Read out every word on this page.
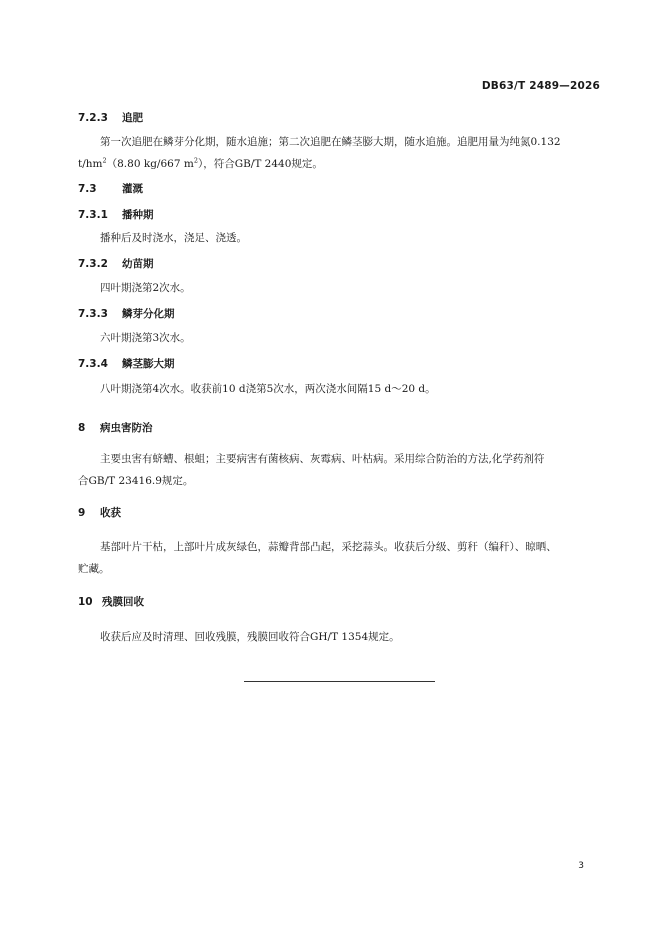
DB63/T 2489—2026
7.2.3 追肥
第一次追肥在鳞芽分化期，随水追施；第二次追肥在鳞茎膨大期，随水追施。追肥用量为纯氮0.132
$t/hm^2(8.80$ kg/667 $m^2$），符合GB/T 2440规定。
7.3 灌溉
7.3.1 播种期
播种后及时浇水，浇足、浇透。
7.3.2 幼苗期
四叶期浇第2次水。
7.3.3 鳞芽分化期
六叶期浇第3次水。
7.3.4 鳞茎膨大期
八叶期浇第4次水。收获前10 d浇第5次水，两次浇水间隔15 d～20 d。
8 病虫害防治
主要虫害有蛴螬、根蛆；主要病害有菌核病、灰霉病、叶枯病。采用综合防治的方法,化学药剂符
合GB/T 23416.9规定。
9 收获
基部叶片干枯，上部叶片成灰绿色，蒜瓣背部凸起，采挖蒜头。收获后分级、剪秆（编秆）、晾晒、
贮藏。
10 残膜回收
收获后应及时清理、回收残膜，残膜回收符合GH/T 1354规定。
3
